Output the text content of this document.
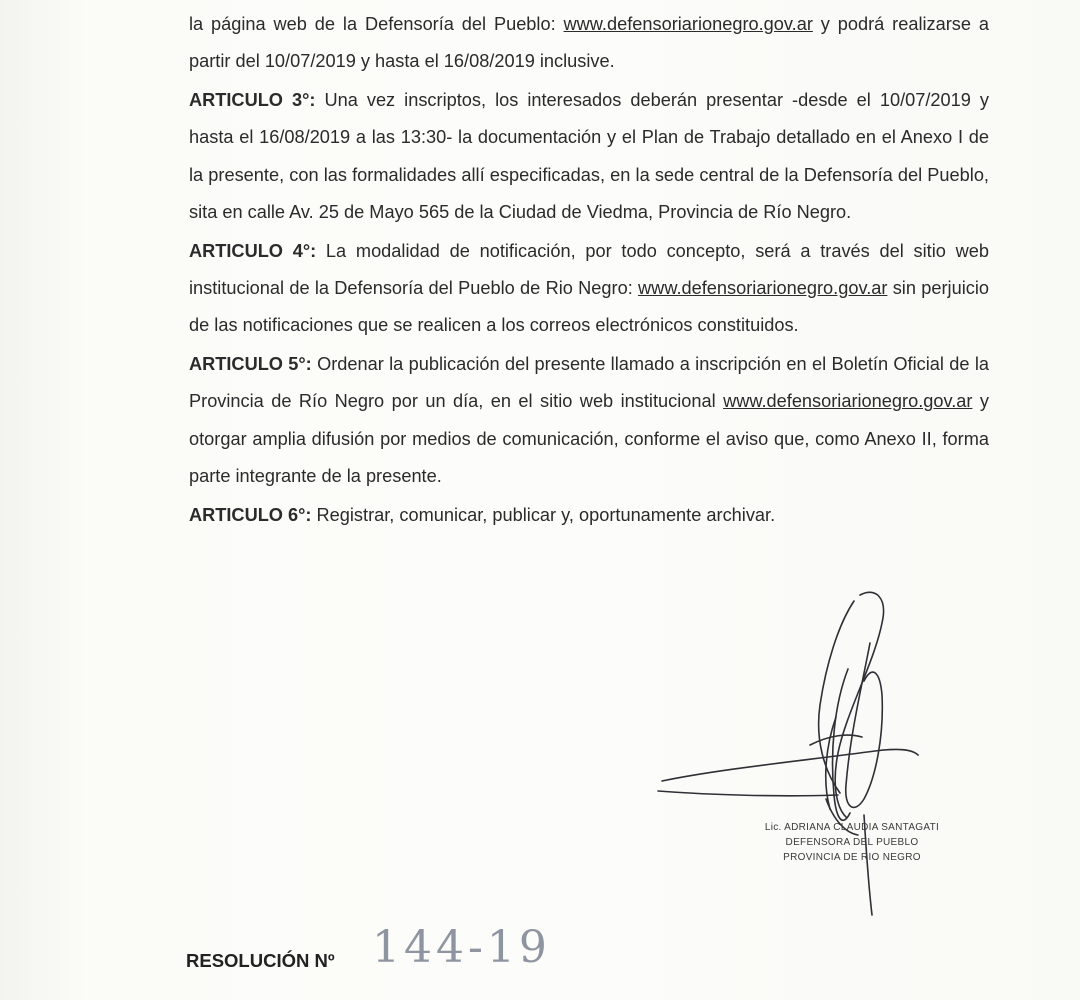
la página web de la Defensoría del Pueblo: www.defensoriarionegro.gov.ar y podrá realizarse a partir del 10/07/2019 y hasta el 16/08/2019 inclusive.

ARTICULO 3°: Una vez inscriptos, los interesados deberán presentar -desde el 10/07/2019 y hasta el 16/08/2019 a las 13:30- la documentación y el Plan de Trabajo detallado en el Anexo I de la presente, con las formalidades allí especificadas, en la sede central de la Defensoría del Pueblo, sita en calle Av. 25 de Mayo 565 de la Ciudad de Viedma, Provincia de Río Negro.

ARTICULO 4°: La modalidad de notificación, por todo concepto, será a través del sitio web institucional de la Defensoría del Pueblo de Rio Negro: www.defensoriarionegro.gov.ar sin perjuicio de las notificaciones que se realicen a los correos electrónicos constituidos.

ARTICULO 5°: Ordenar la publicación del presente llamado a inscripción en el Boletín Oficial de la Provincia de Río Negro por un día, en el sitio web institucional www.defensoriarionegro.gov.ar y otorgar amplia difusión por medios de comunicación, conforme el aviso que, como Anexo II, forma parte integrante de la presente.

ARTICULO 6°: Registrar, comunicar, publicar y, oportunamente archivar.

Lic. ADRIANA CLAUDIA SANTAGATI
DEFENSORA DEL PUEBLO
PROVINCIA DE RIO NEGRO
RESOLUCIÓN Nº 144-19
